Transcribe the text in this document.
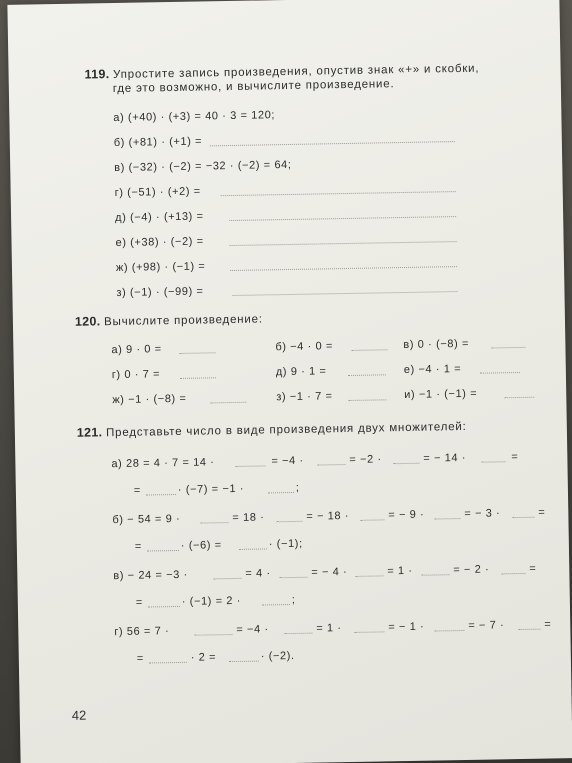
119. Упростите запись произведения, опустив знак «+» и скобки,
где это возможно, и вычислите произведение.
а) (+40) · (+3) = 40 · 3 = 120;
б) (+81) · (+1) =
в) (−32) · (−2) = −32 · (−2) = 64;
г) (−51) · (+2) =
д) (−4) · (+13) =
е) (+38) · (−2) =
ж) (+98) · (−1) =
з) (−1) · (−99) =
120. Вычислите произведение:
а) 9 · 0 =	б) −4 · 0 =	в) 0 · (−8) =
г) 0 · 7 =	д) 9 · 1 =	е) −4 · 1 =
ж) −1 · (−8) =	з) −1 · 7 =	и) −1 · (−1) =
121. Представьте число в виде произведения двух множителей:
а) 28 = 4 · 7 = 14 ·	= −4 ·	= −2 ·	= − 14 ·	=
=	· (−7) = −1 ·	;
б) − 54 = 9 ·	= 18 ·	= − 18 ·	= − 9 ·	= − 3 ·	=
=	· (−6) =	· (−1);
в) − 24 = −3 ·	= 4 ·	= − 4 ·	= 1 ·	= − 2 ·	=
=	· (−1) = 2 ·	;
г) 56 = 7 ·	= −4 ·	= 1 ·	= − 1 ·	= − 7 ·	=
=	· 2 =	· (−2).
42
